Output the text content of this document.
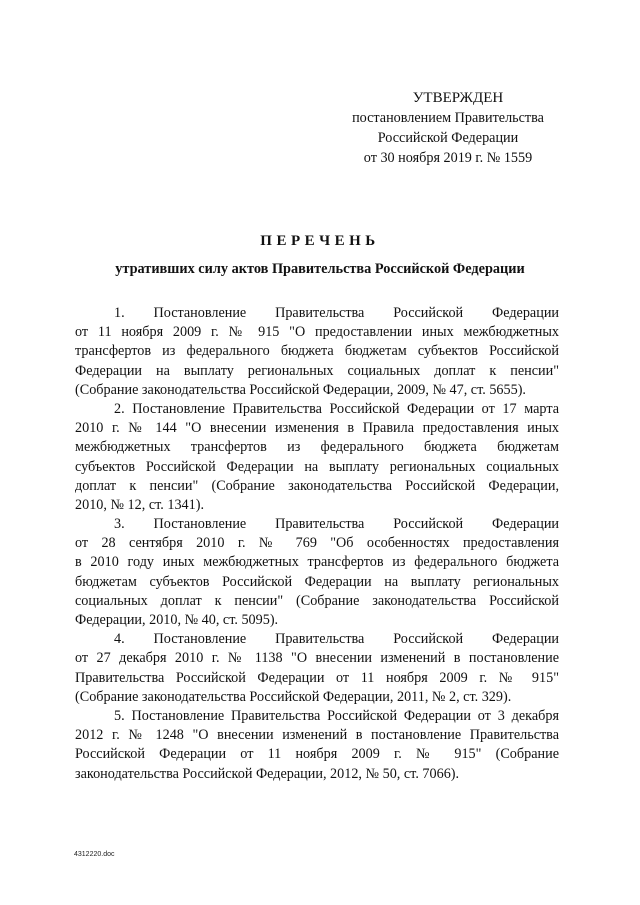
УТВЕРЖДЕН
постановлением Правительства
Российской Федерации
от 30 ноября 2019 г. № 1559
ПЕРЕЧЕНЬ
утративших силу актов Правительства Российской Федерации
1. Постановление Правительства Российской Федерации
от 11 ноября 2009 г. № 915 "О предоставлении иных межбюджетных
трансфертов из федерального бюджета бюджетам субъектов Российской
Федерации на выплату региональных социальных доплат к пенсии"
(Собрание законодательства Российской Федерации, 2009, № 47, ст. 5655).
2. Постановление Правительства Российской Федерации от 17 марта
2010 г. № 144 "О внесении изменения в Правила предоставления иных
межбюджетных трансфертов из федерального бюджета бюджетам
субъектов Российской Федерации на выплату региональных социальных
доплат к пенсии" (Собрание законодательства Российской Федерации,
2010, № 12, ст. 1341).
3. Постановление Правительства Российской Федерации
от 28 сентября 2010 г. № 769 "Об особенностях предоставления
в 2010 году иных межбюджетных трансфертов из федерального бюджета
бюджетам субъектов Российской Федерации на выплату региональных
социальных доплат к пенсии" (Собрание законодательства Российской
Федерации, 2010, № 40, ст. 5095).
4. Постановление Правительства Российской Федерации
от 27 декабря 2010 г. № 1138 "О внесении изменений в постановление
Правительства Российской Федерации от 11 ноября 2009 г. № 915"
(Собрание законодательства Российской Федерации, 2011, № 2, ст. 329).
5. Постановление Правительства Российской Федерации от 3 декабря
2012 г. № 1248 "О внесении изменений в постановление Правительства
Российской Федерации от 11 ноября 2009 г. № 915" (Собрание
законодательства Российской Федерации, 2012, № 50, ст. 7066).
4312220.doc
